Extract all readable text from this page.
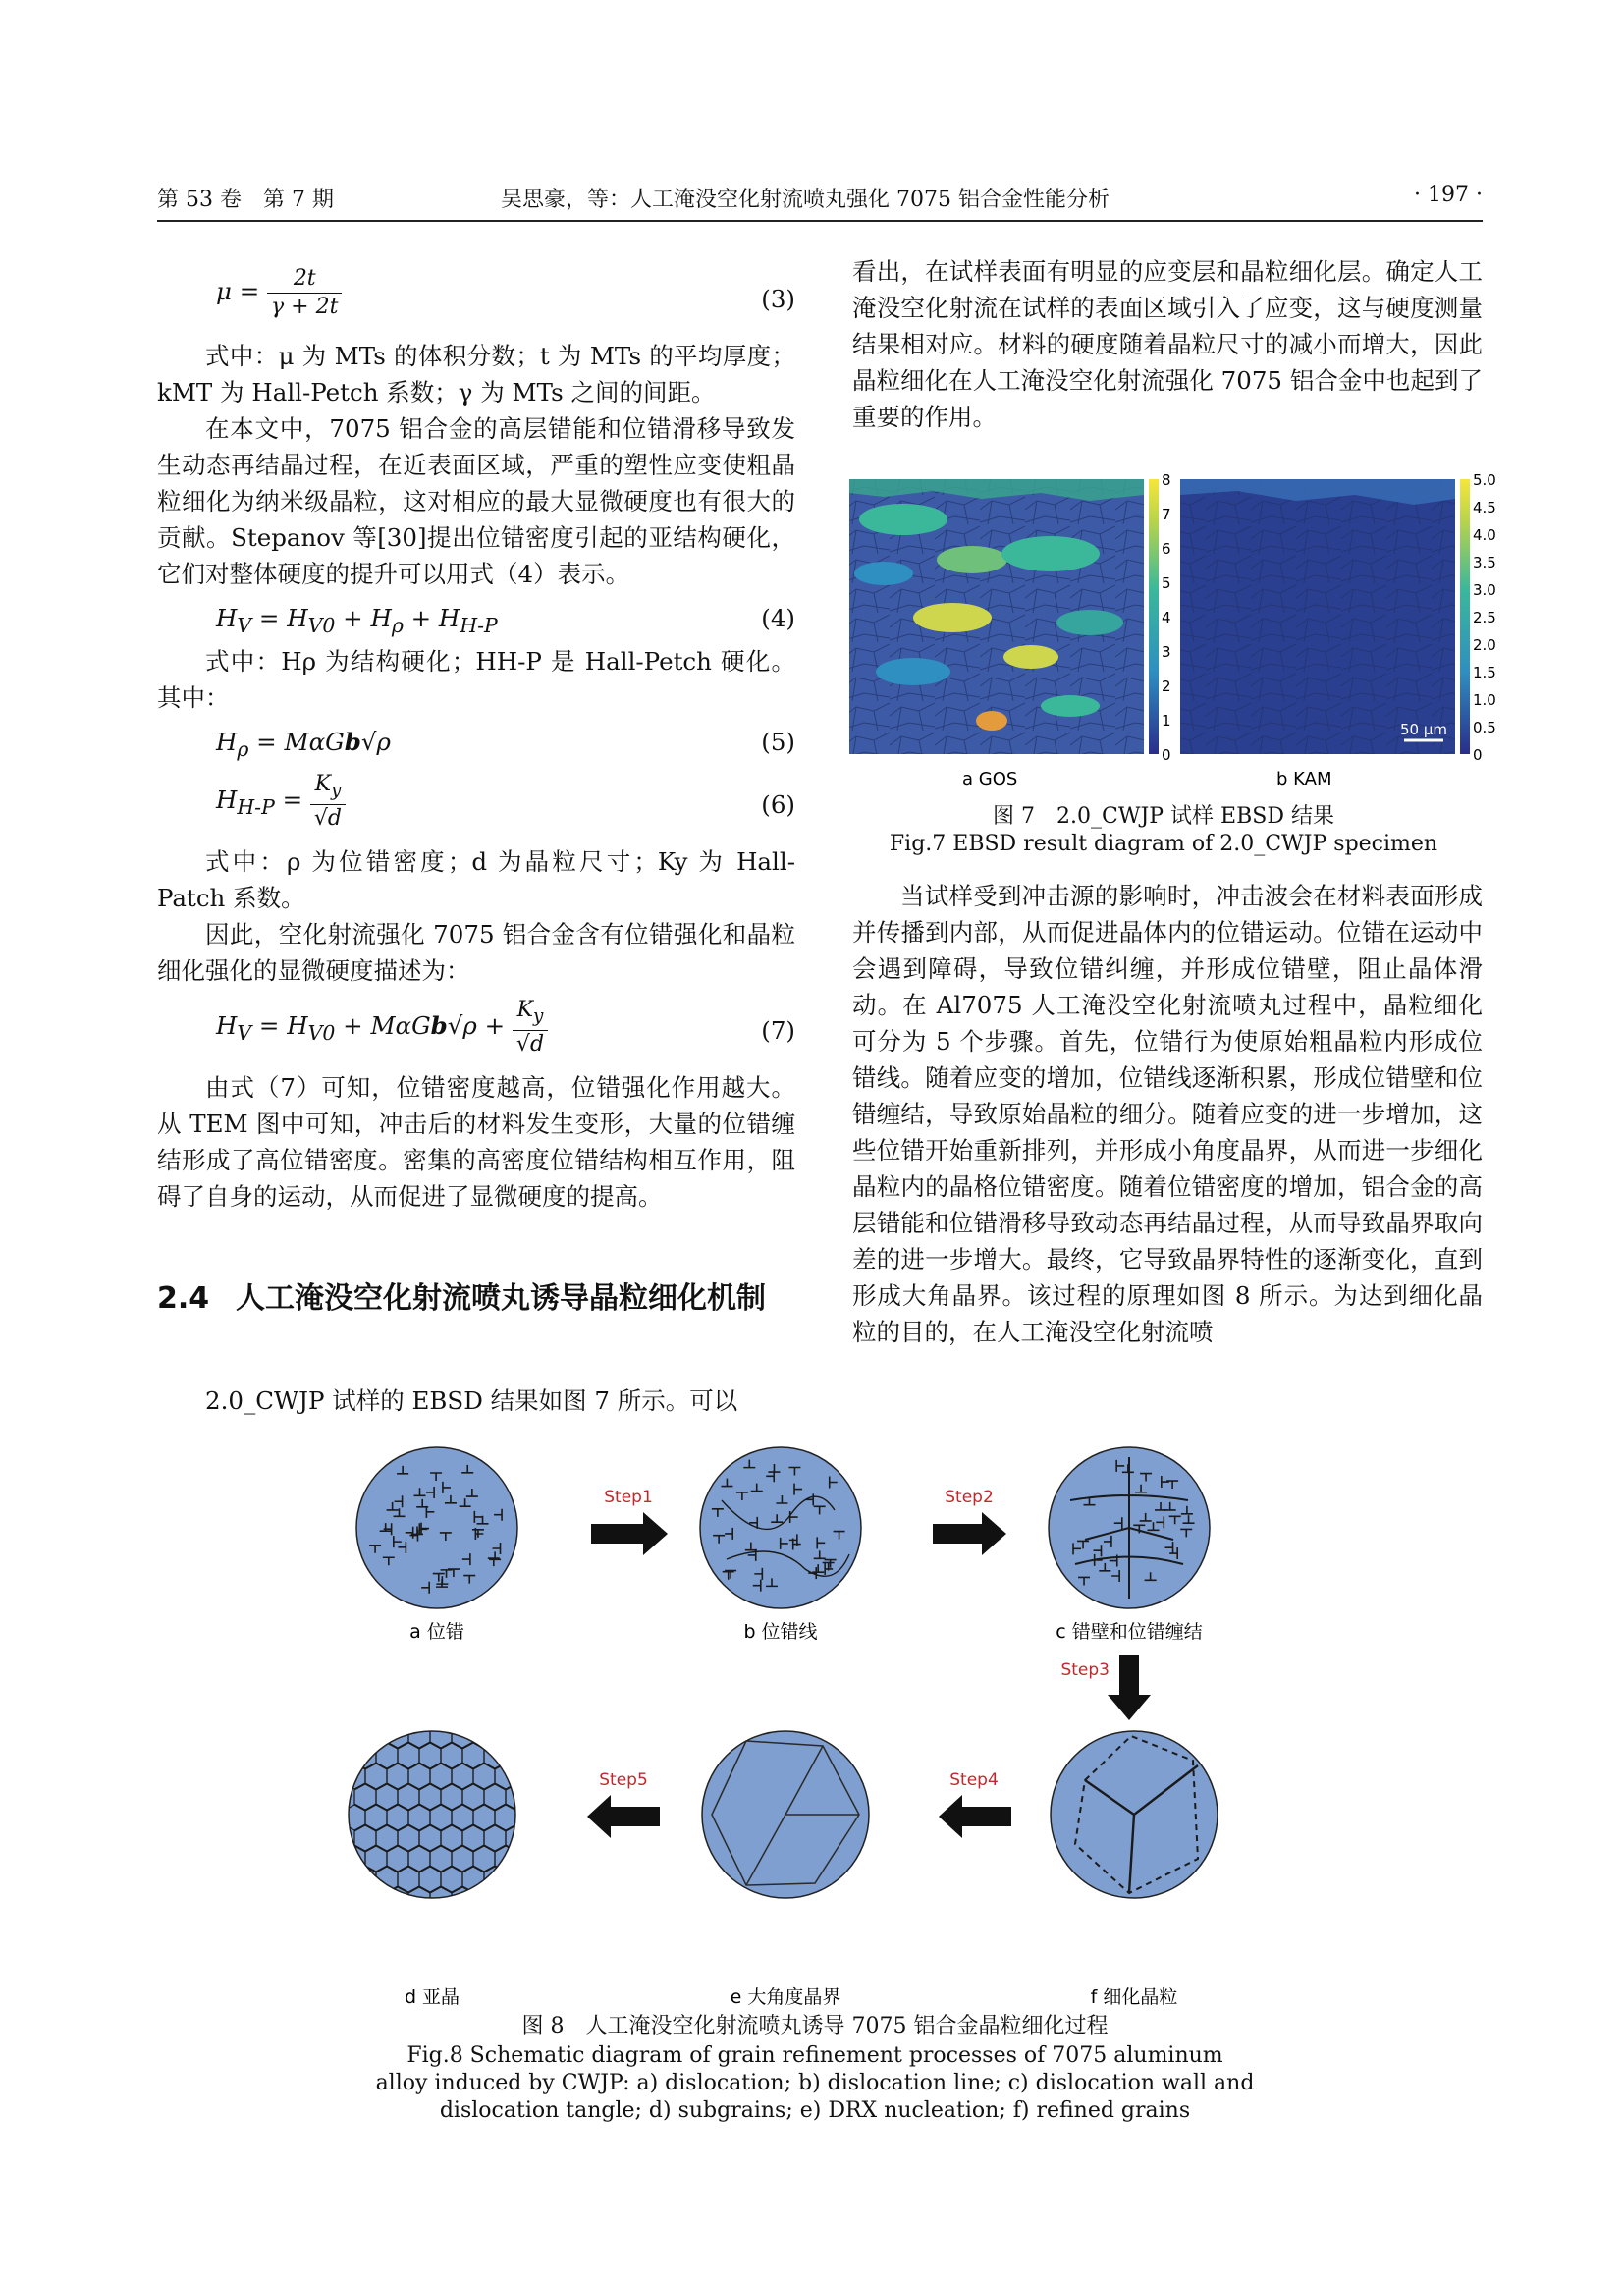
第 53 卷　第 7 期	吴思豪，等：人工淹没空化射流喷丸强化 7075 铝合金性能分析	· 197 ·
$\mu = \frac{2t}{\gamma + 2t}$	(3)

式中：μ 为 MTs 的体积分数；t 为 MTs 的平均厚度；kMT 为 Hall-Petch 系数；γ 为 MTs 之间的间距。

在本文中，7075 铝合金的高层错能和位错滑移导致发生动态再结晶过程，在近表面区域，严重的塑性应变使粗晶粒细化为纳米级晶粒，这对相应的最大显微硬度也有很大的贡献。Stepanov 等[30]提出位错密度引起的亚结构硬化，它们对整体硬度的提升可以用式（4）表示。

$H_V = H_{V0} + H_\rho + H_{H-P}$	(4)

式中：Hρ 为结构硬化；HH-P 是 Hall-Petch 硬化。其中：

$H_\rho = M\alpha Gb√\rho$	(5)
$H_{H-P} = \frac{K_y}{√d}$	(6)

式中：ρ 为位错密度；d 为晶粒尺寸；Ky 为 Hall-Patch 系数。

因此，空化射流强化 7075 铝合金含有位错强化和晶粒细化强化的显微硬度描述为：

$H_V = H_{V0} + M\alpha Gb√\rho + \frac{K_y}{√d}$	(7)

由式（7）可知，位错密度越高，位错强化作用越大。从 TEM 图中可知，冲击后的材料发生变形，大量的位错缠结形成了高位错密度。密集的高密度位错结构相互作用，阻碍了自身的运动，从而促进了显微硬度的提高。

2.4 人工淹没空化射流喷丸诱导晶粒细化机制

2.0_CWJP 试样的 EBSD 结果如图 7 所示。可以

看出，在试样表面有明显的应变层和晶粒细化层。确定人工淹没空化射流在试样的表面区域引入了应变，这与硬度测量结果相对应。材料的硬度随着晶粒尺寸的减小而增大，因此晶粒细化在人工淹没空化射流强化 7075 铝合金中也起到了重要的作用。

8
7
6
5
4
3
2
1
0
50 μm
5.0
4.5
4.0
3.5
3.0
2.5
2.0
1.5
1.0
0.5
0
a GOS	b KAM
图 7　2.0_CWJP 试样 EBSD 结果
Fig.7 EBSD result diagram of 2.0_CWJP specimen

当试样受到冲击源的影响时，冲击波会在材料表面形成并传播到内部，从而促进晶体内的位错运动。位错在运动中会遇到障碍，导致位错纠缠，并形成位错壁，阻止晶体滑动。在 Al7075 人工淹没空化射流喷丸过程中，晶粒细化可分为 5 个步骤。首先，位错行为使原始粗晶粒内形成位错线。随着应变的增加，位错线逐渐积累，形成位错壁和位错缠结，导致原始晶粒的细分。随着应变的进一步增加，这些位错开始重新排列，并形成小角度晶界，从而进一步细化晶粒内的晶格位错密度。随着位错密度的增加，铝合金的高层错能和位错滑移导致动态再结晶过程，从而导致晶界取向差的进一步增大。最终，它导致晶界特性的逐渐变化，直到形成大角晶界。该过程的原理如图 8 所示。为达到细化晶粒的目的，在人工淹没空化射流喷

Step1	Step2
Step3
a 位错	b 位错线	c 错壁和位错缠结
Step5	Step4
d 亚晶	e 大角度晶界	f 细化晶粒
图 8　人工淹没空化射流喷丸诱导 7075 铝合金晶粒细化过程
Fig.8 Schematic diagram of grain refinement processes of 7075 aluminum
alloy induced by CWJP: a) dislocation; b) dislocation line; c) dislocation wall and
dislocation tangle; d) subgrains; e) DRX nucleation; f) refined grains
